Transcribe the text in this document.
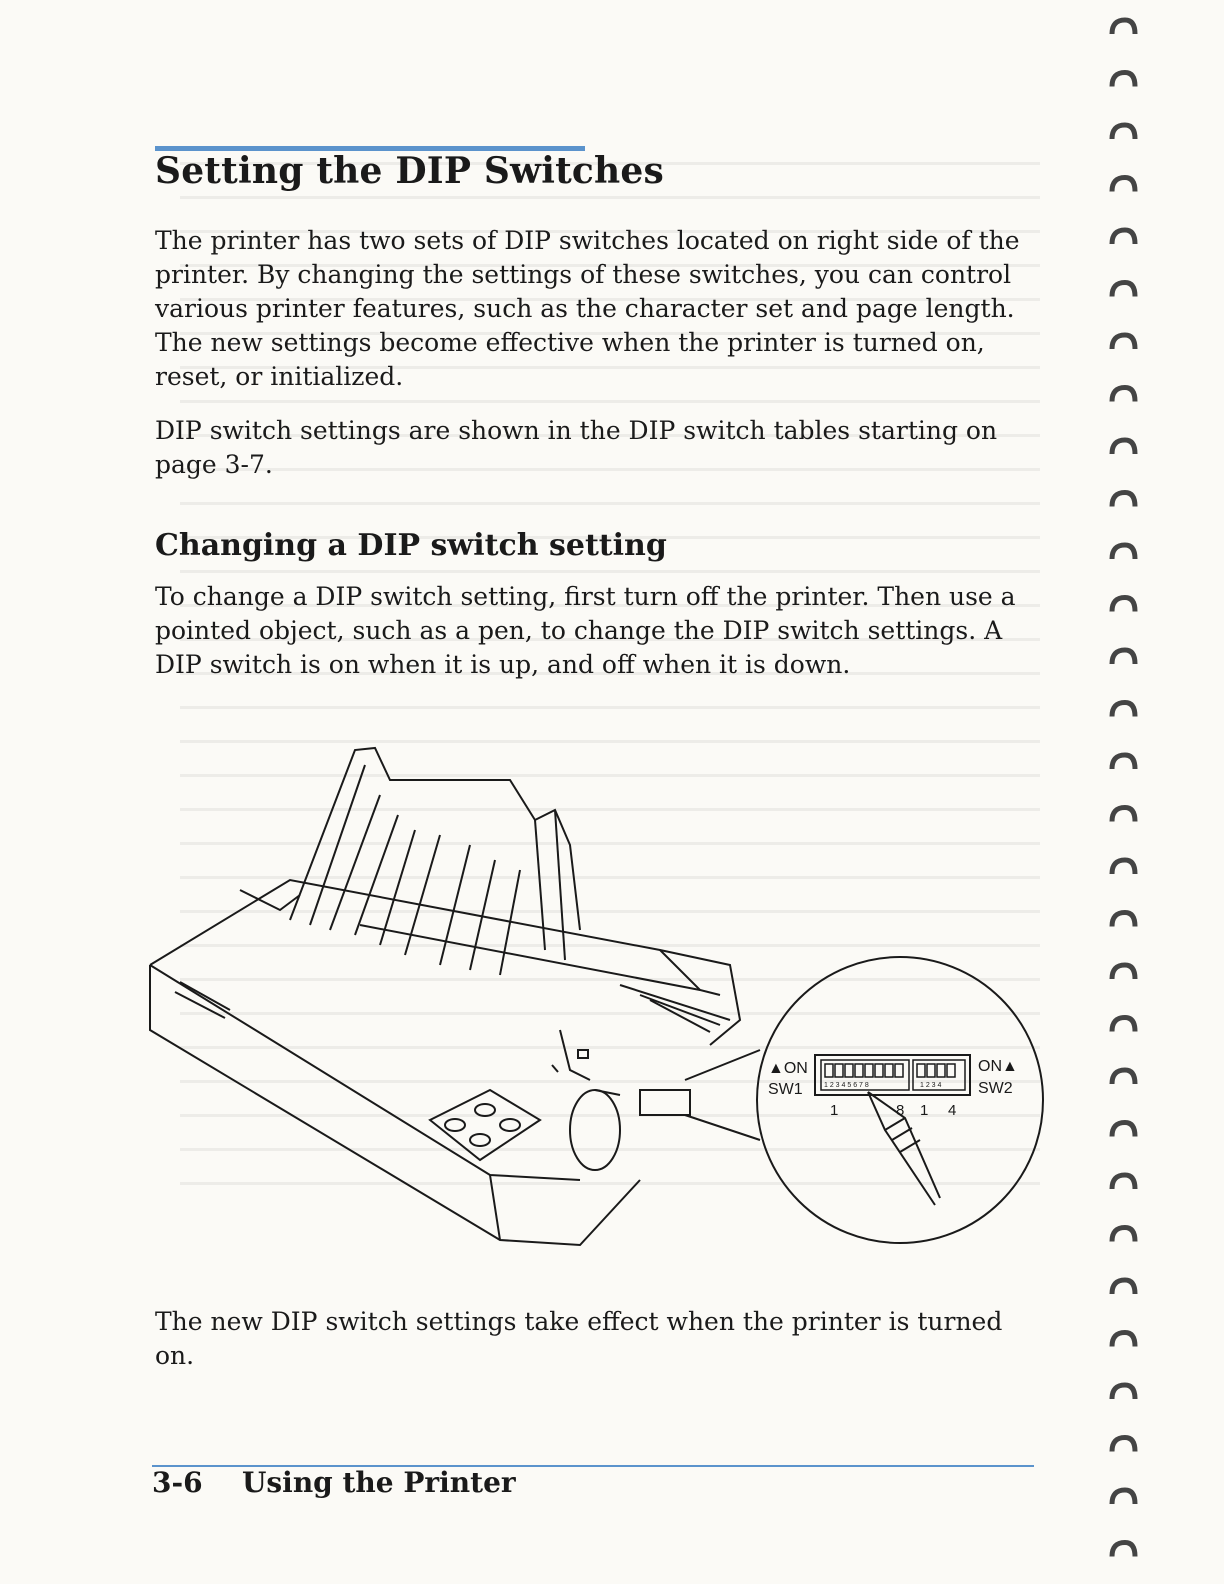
Setting the DIP Switches

The printer has two sets of DIP switches located on right side of the printer. By changing the settings of these switches, you can control various printer features, such as the character set and page length. The new settings become effective when the printer is turned on, reset, or initialized.

DIP switch settings are shown in the DIP switch tables starting on page 3-7.

Changing a DIP switch setting

To change a DIP switch setting, first turn off the printer. Then use a pointed object, such as a pen, to change the DIP switch settings. A DIP switch is on when it is up, and off when it is down.

▲ON
SW1
ON▲
SW2
1 2 3 4 5 6 7 8	1 2 3 4
1	8 1 4

The new DIP switch settings take effect when the printer is turned on.

3-6 Using the Printer
